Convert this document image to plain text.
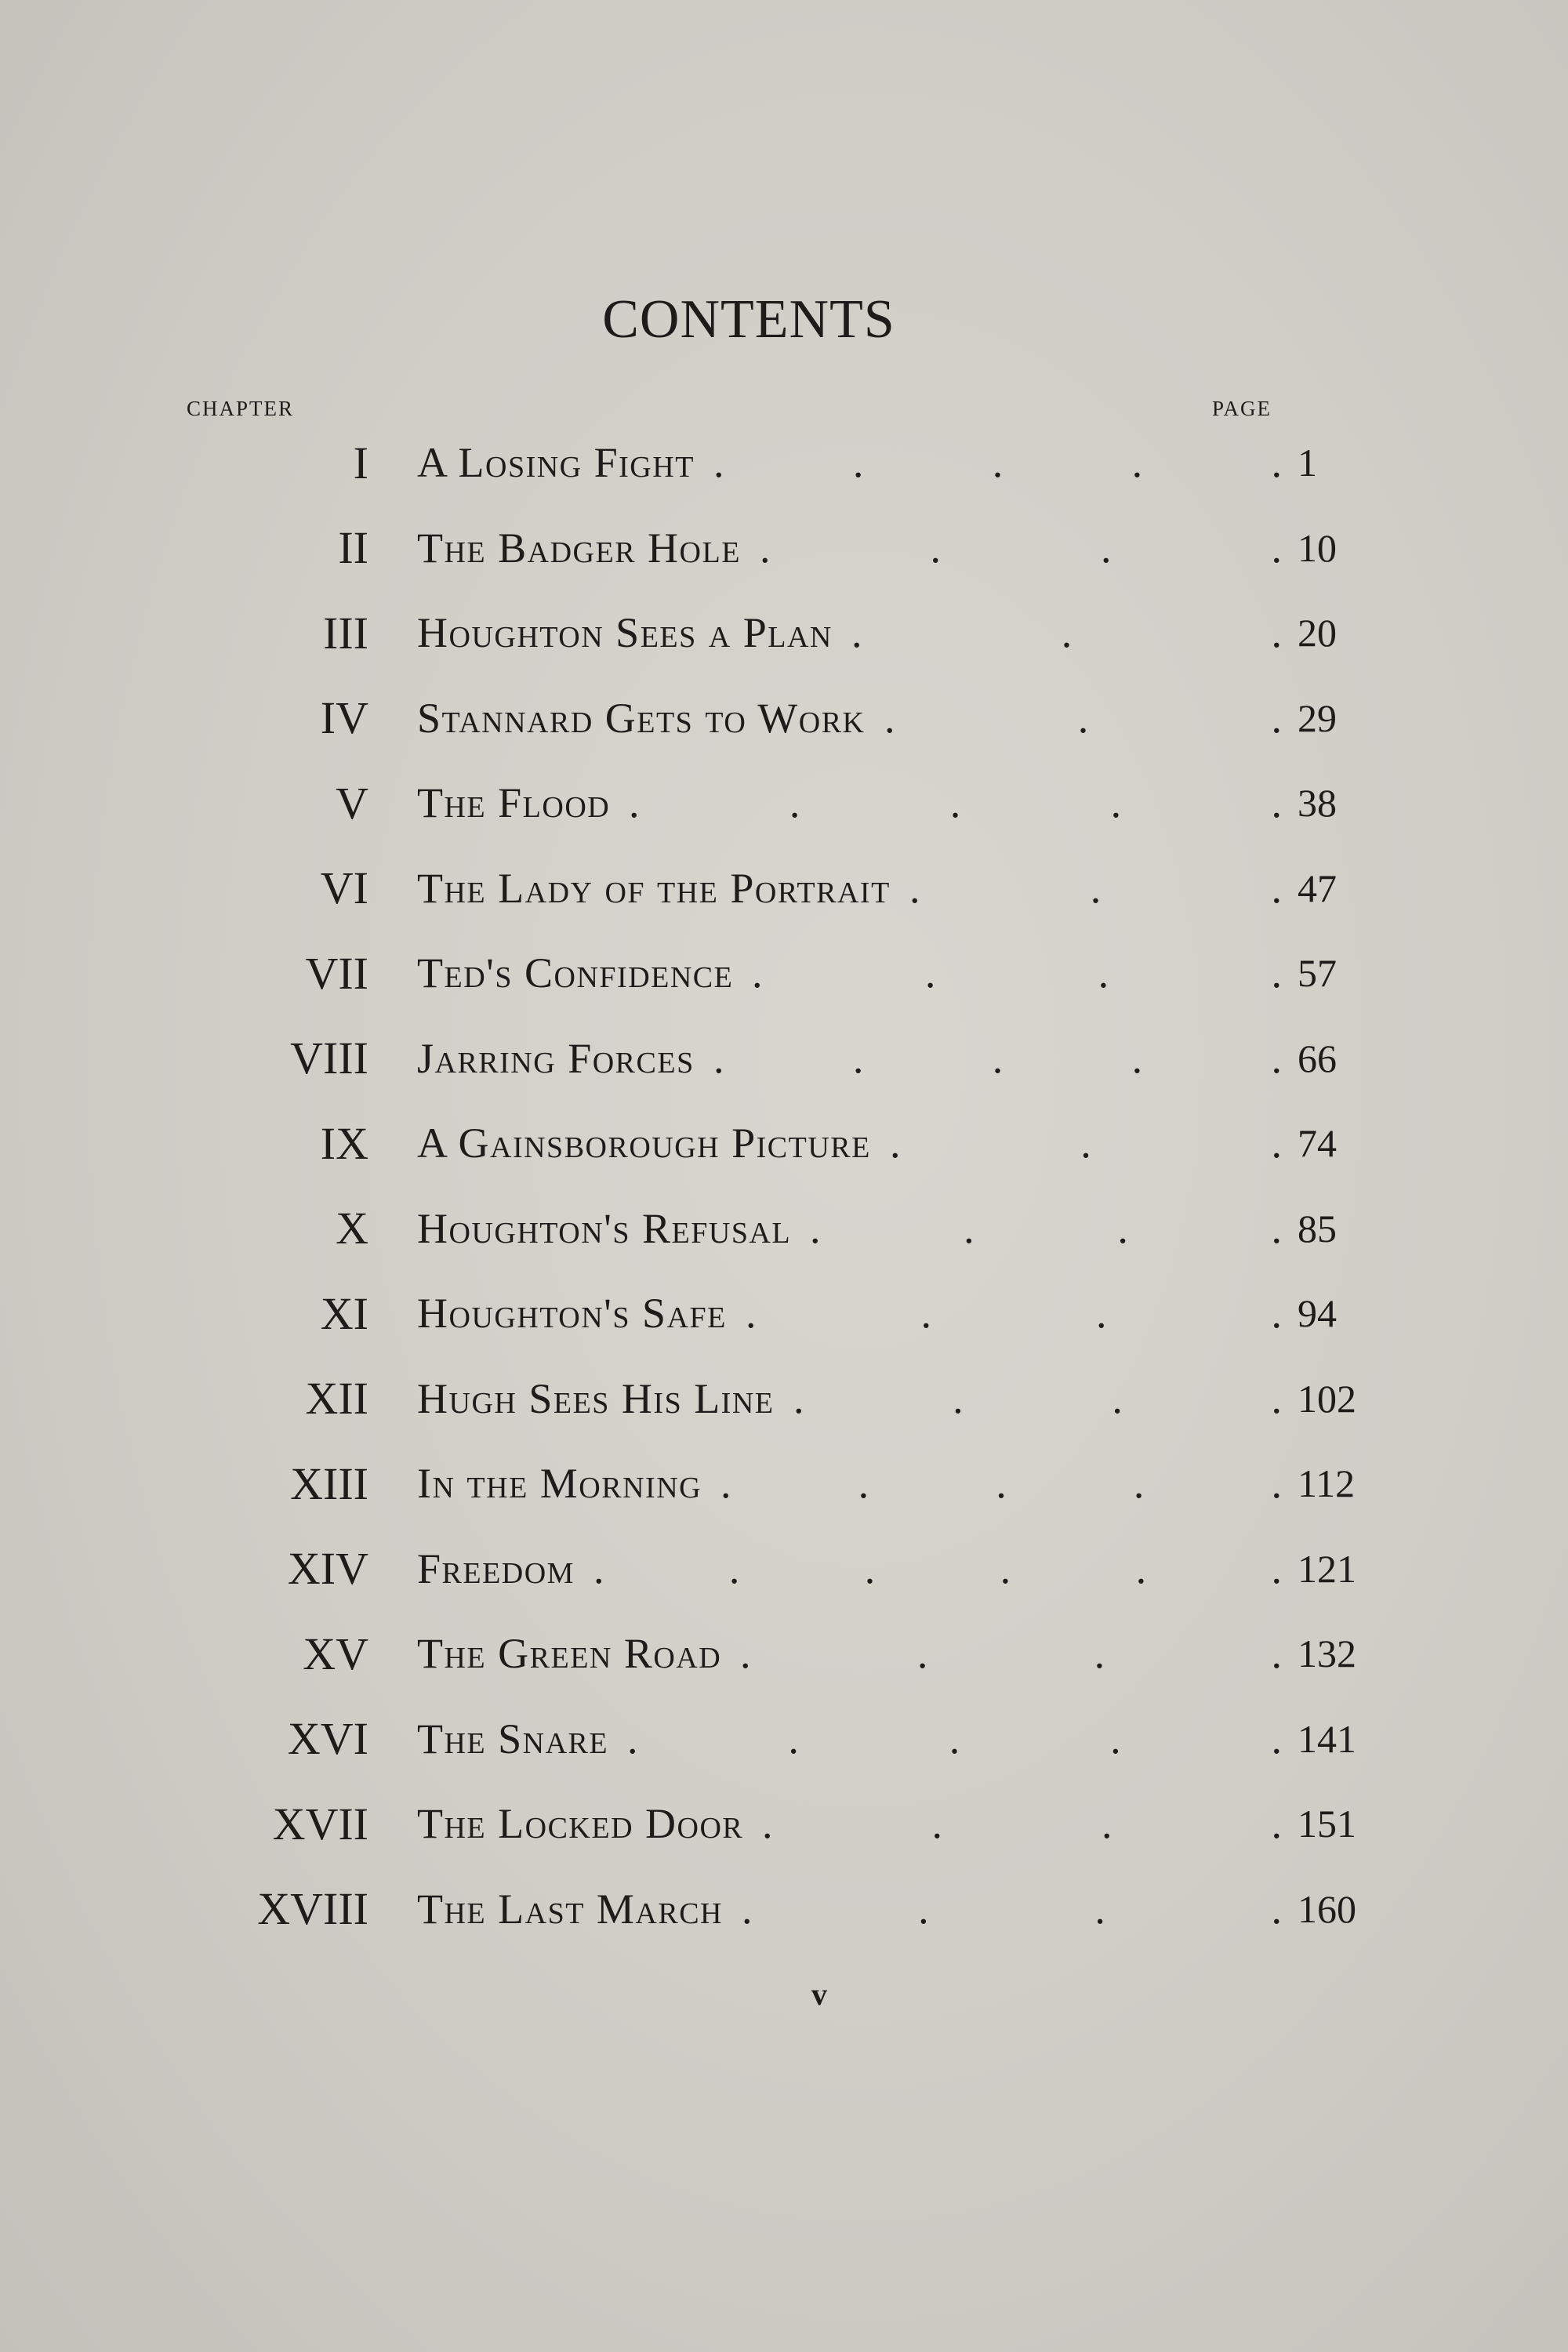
CONTENTS
chapter	page
I A Losing Fight .	.	.	.	. 1
II The Badger Hole .	.	.	. 10
III Houghton Sees a Plan .	.	. 20
IV Stannard Gets to Work .	.	. 29
V The Flood .	.	.	.	. 38
VI The Lady of the Portrait .	.	. 47
VII Ted's Confidence .	.	.	. 57
VIII Jarring Forces .	.	.	.	. 66
IX A Gainsborough Picture .	.	. 74
X Houghton's Refusal .	.	.	. 85
XI Houghton's Safe .	.	.	. 94
XII Hugh Sees His Line .	.	.	. 102
XIII In the Morning .	.	.	.	. 112
XIV Freedom .	.	.	.	.	. 121
XV The Green Road .	.	.	. 132
XVI The Snare .	.	.	.	. 141
XVII The Locked Door .	.	.	. 151
XVIII The Last March .	.	.	. 160
v
